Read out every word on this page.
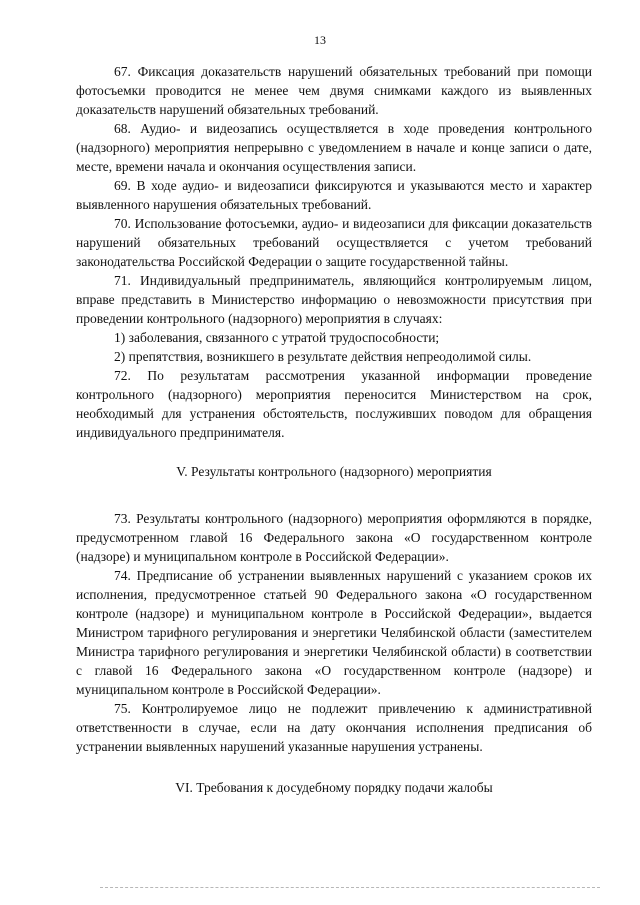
13

67. Фиксация доказательств нарушений обязательных требований при помощи фотосъемки проводится не менее чем двумя снимками каждого из выявленных доказательств нарушений обязательных требований.

68. Аудио- и видеозапись осуществляется в ходе проведения контрольного (надзорного) мероприятия непрерывно с уведомлением в начале и конце записи о дате, месте, времени начала и окончания осуществления записи.

69. В ходе аудио- и видеозаписи фиксируются и указываются место и характер выявленного нарушения обязательных требований.

70. Использование фотосъемки, аудио- и видеозаписи для фиксации доказательств нарушений обязательных требований осуществляется с учетом требований законодательства Российской Федерации о защите государственной тайны.

71. Индивидуальный предприниматель, являющийся контролируемым лицом, вправе представить в Министерство информацию о невозможности присутствия при проведении контрольного (надзорного) мероприятия в случаях:

1) заболевания, связанного с утратой трудоспособности;

2) препятствия, возникшего в результате действия непреодолимой силы.

72. По результатам рассмотрения указанной информации проведение контрольного (надзорного) мероприятия переносится Министерством на срок, необходимый для устранения обстоятельств, послуживших поводом для обращения индивидуального предпринимателя.

V. Результаты контрольного (надзорного) мероприятия

73. Результаты контрольного (надзорного) мероприятия оформляются в порядке, предусмотренном главой 16 Федерального закона «О государственном контроле (надзоре) и муниципальном контроле в Российской Федерации».

74. Предписание об устранении выявленных нарушений с указанием сроков их исполнения, предусмотренное статьей 90 Федерального закона «О государственном контроле (надзоре) и муниципальном контроле в Российской Федерации», выдается Министром тарифного регулирования и энергетики Челябинской области (заместителем Министра тарифного регулирования и энергетики Челябинской области) в соответствии с главой 16 Федерального закона «О государственном контроле (надзоре) и муниципальном контроле в Российской Федерации».

75. Контролируемое лицо не подлежит привлечению к административной ответственности в случае, если на дату окончания исполнения предписания об устранении выявленных нарушений указанные нарушения устранены.

VI. Требования к досудебному порядку подачи жалобы
